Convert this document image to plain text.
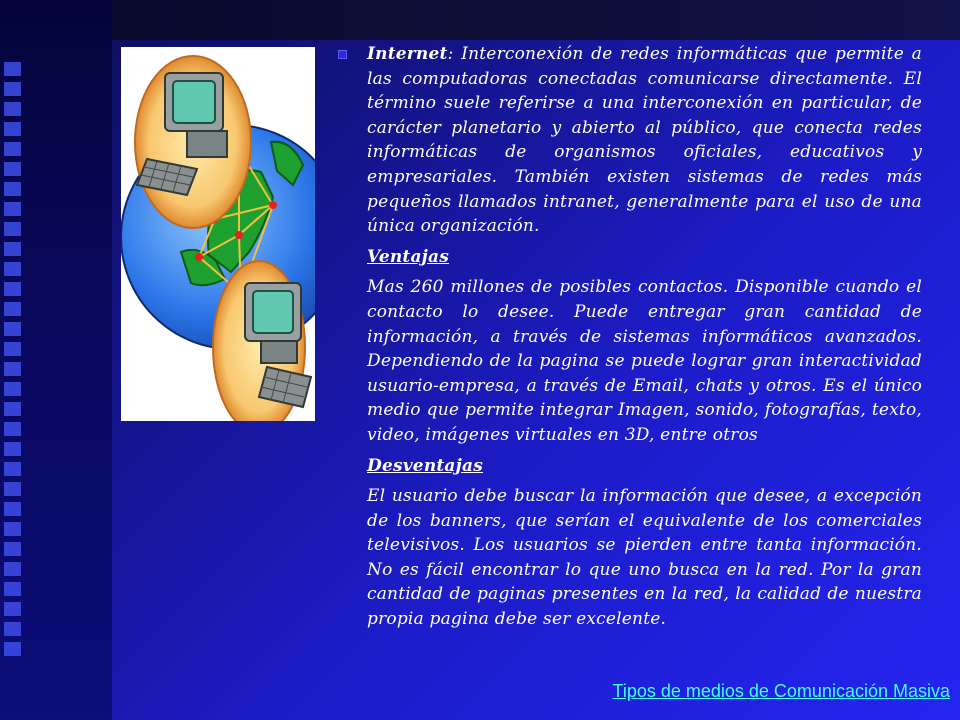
Internet: Interconexión de redes informáticas que permite a las computadoras conectadas comunicarse directamente. El término suele referirse a una interconexión en particular, de carácter planetario y abierto al público, que conecta redes informáticas de organismos oficiales, educativos y empresariales. También existen sistemas de redes más pequeños llamados intranet, generalmente para el uso de una única organización.

Ventajas

Mas 260 millones de posibles contactos. Disponible cuando el contacto lo desee. Puede entregar gran cantidad de información, a través de sistemas informáticos avanzados. Dependiendo de la pagina se puede lograr gran interactividad usuario-empresa, a través de Email, chats y otros. Es el único medio que permite integrar Imagen, sonido, fotografías, texto, video, imágenes virtuales en 3D, entre otros

Desventajas

El usuario debe buscar la información que desee, a excepción de los banners, que serían el equivalente de los comerciales televisivos. Los usuarios se pierden entre tanta información. No es fácil encontrar lo que uno busca en la red. Por la gran cantidad de paginas presentes en la red, la calidad de nuestra propia pagina debe ser excelente.

Tipos de medios de Comunicación Masiva
